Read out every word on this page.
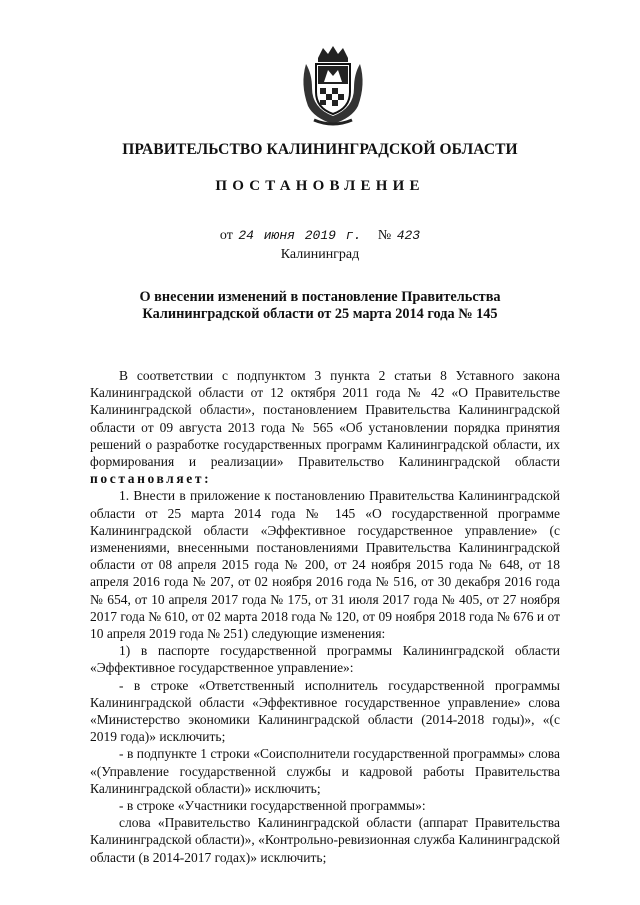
ПРАВИТЕЛЬСТВО КАЛИНИНГРАДСКОЙ ОБЛАСТИ
ПОСТАНОВЛЕНИЕ
от 24 июня 2019 г. № 423
Калининград
О внесении изменений в постановление Правительства
Калининградской области от 25 марта 2014 года № 145

В соответствии с подпунктом 3 пункта 2 статьи 8 Уставного закона Калининградской области от 12 октября 2011 года № 42 «О Правительстве Калининградской области», постановлением Правительства Калининградской области от 09 августа 2013 года № 565 «Об установлении порядка принятия решений о разработке государственных программ Калининградской области, их формирования и реализации» Правительство Калининградской области постановляет:

1. Внести в приложение к постановлению Правительства Калининградской области от 25 марта 2014 года № 145 «О государственной программе Калининградской области «Эффективное государственное управление» (с изменениями, внесенными постановлениями Правительства Калининградской области от 08 апреля 2015 года № 200, от 24 ноября 2015 года № 648, от 18 апреля 2016 года № 207, от 02 ноября 2016 года № 516, от 30 декабря 2016 года № 654, от 10 апреля 2017 года № 175, от 31 июля 2017 года № 405, от 27 ноября 2017 года № 610, от 02 марта 2018 года № 120, от 09 ноября 2018 года № 676 и от 10 апреля 2019 года № 251) следующие изменения:

1) в паспорте государственной программы Калининградской области «Эффективное государственное управление»:

- в строке «Ответственный исполнитель государственной программы Калининградской области «Эффективное государственное управление» слова «Министерство экономики Калининградской области (2014-2018 годы)», «(с 2019 года)» исключить;

- в подпункте 1 строки «Соисполнители государственной программы» слова «(Управление государственной службы и кадровой работы Правительства Калининградской области)» исключить;

- в строке «Участники государственной программы»:

слова «Правительство Калининградской области (аппарат Правительства Калининградской области)», «Контрольно-ревизионная служба Калининградской области (в 2014-2017 годах)» исключить;
